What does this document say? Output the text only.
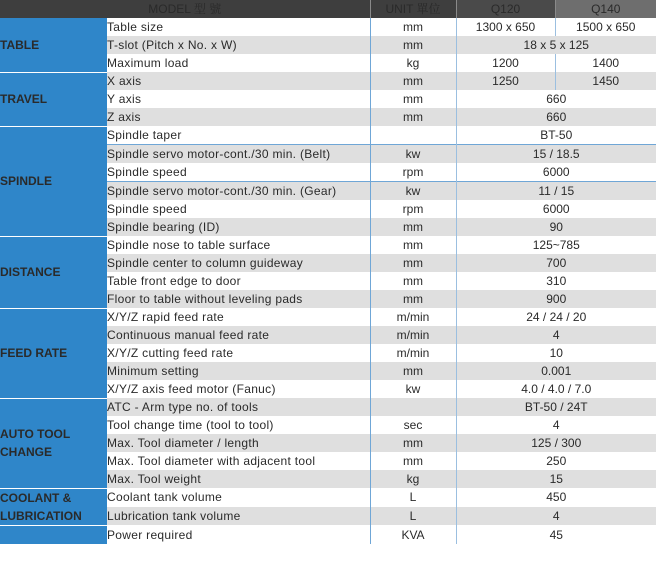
MODEL 型 號		UNIT 單位	Q120	Q140

TABLE	Table size	mm	1300 x 650	1500 x 650
	T-slot (Pitch x No. x W)	mm	18 x 5 x 125	
	Maximum load	kg	1200	1400

TRAVEL	X axis	mm	1250	1450
	Y axis	mm	660	
	Z axis	mm	660	

SPINDLE	Spindle taper		BT-50	
	Spindle servo motor-cont./30 min. (Belt)	kw	15 / 18.5	
	Spindle speed	rpm	6000	
	Spindle servo motor-cont./30 min. (Gear)	kw	11 / 15	
	Spindle speed	rpm	6000	
	Spindle bearing (ID)	mm	90	

DISTANCE	Spindle nose to table surface	mm	125~785	
	Spindle center to column guideway	mm	700	
	Table front edge to door	mm	310	
	Floor to table without leveling pads	mm	900	

FEED RATE	X/Y/Z rapid feed rate	m/min	24 / 24 / 20	
	Continuous manual feed rate	m/min	4	
	X/Y/Z cutting feed rate	m/min	10	
	Minimum setting	mm	0.001	
	X/Y/Z axis feed motor (Fanuc)	kw	4.0 / 4.0 / 7.0	

AUTO TOOL
CHANGE	ATC - Arm type no. of tools		BT-50 / 24T	
	Tool change time (tool to tool)	sec	4	
	Max. Tool diameter / length	mm	125 / 300	
	Max. Tool diameter with adjacent tool	mm	250	
	Max. Tool weight	kg	15	

COOLANT &
LUBRICATION	Coolant tank volume	L	450	
	Lubrication tank volume	L	4	
	Power required	KVA	45	
